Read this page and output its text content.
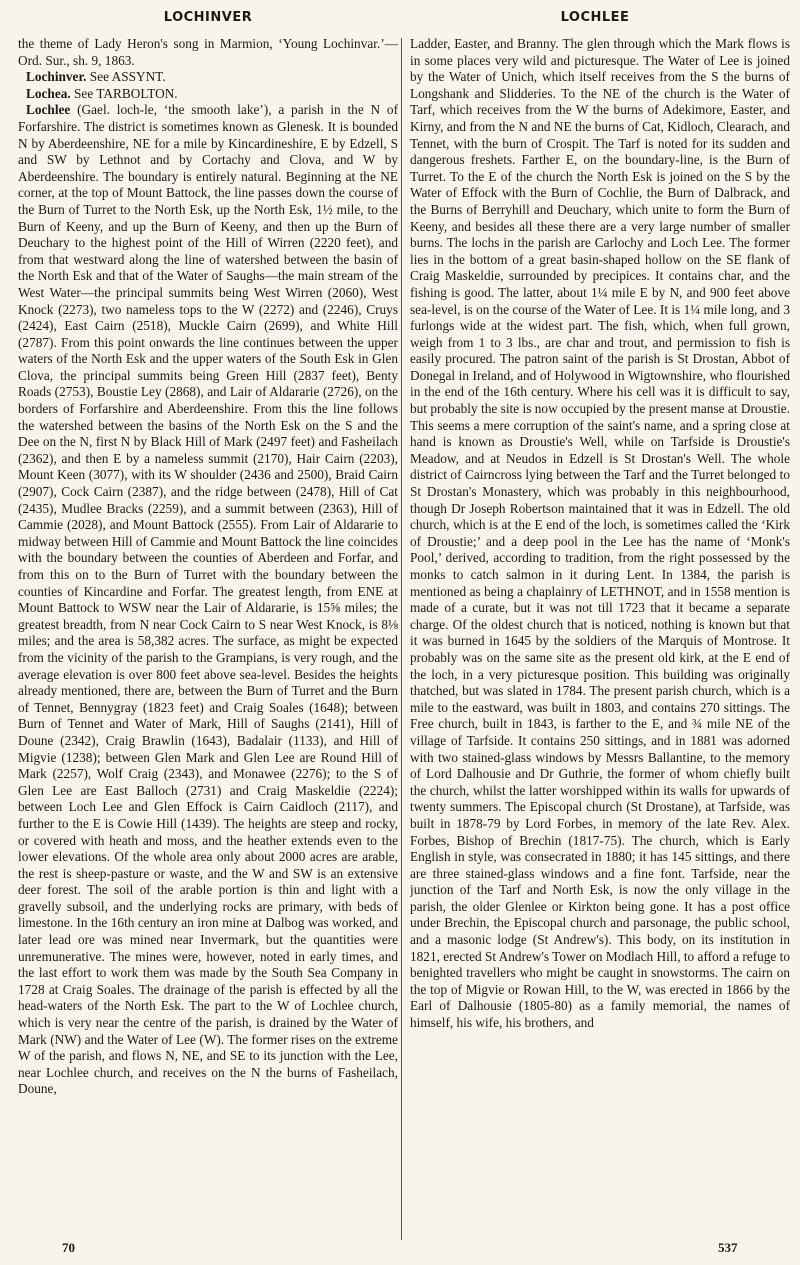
LOCHINVER	LOCHLEE

the theme of Lady Heron's song in Marmion, ‘Young Lochinvar.’—Ord. Sur., sh. 9, 1863.

Lochinver. See ASSYNT.

Lochea. See TARBOLTON.

Lochlee (Gael. loch-le, ‘the smooth lake’), a parish in the N of Forfarshire. The district is sometimes known as Glenesk. It is bounded N by Aberdeenshire, NE for a mile by Kincardineshire, E by Edzell, S and SW by Lethnot and by Cortachy and Clova, and W by Aberdeenshire. The boundary is entirely natural. Beginning at the NE corner, at the top of Mount Battock, the line passes down the course of the Burn of Turret to the North Esk, up the North Esk, 1½ mile, to the Burn of Keeny, and up the Burn of Keeny, and then up the Burn of Deuchary to the highest point of the Hill of Wirren (2220 feet), and from that westward along the line of watershed between the basin of the North Esk and that of the Water of Saughs—the main stream of the West Water—the principal summits being West Wirren (2060), West Knock (2273), two nameless tops to the W (2272) and (2246), Cruys (2424), East Cairn (2518), Muckle Cairn (2699), and White Hill (2787). From this point onwards the line continues between the upper waters of the North Esk and the upper waters of the South Esk in Glen Clova, the principal summits being Green Hill (2837 feet), Benty Roads (2753), Boustie Ley (2868), and Lair of Aldararie (2726), on the borders of Forfarshire and Aberdeenshire. From this the line follows the watershed between the basins of the North Esk on the S and the Dee on the N, first N by Black Hill of Mark (2497 feet) and Fasheilach (2362), and then E by a nameless summit (2170), Hair Cairn (2203), Mount Keen (3077), with its W shoulder (2436 and 2500), Braid Cairn (2907), Cock Cairn (2387), and the ridge between (2478), Hill of Cat (2435), Mudlee Bracks (2259), and a summit between (2363), Hill of Cammie (2028), and Mount Battock (2555). From Lair of Aldararie to midway between Hill of Cammie and Mount Battock the line coincides with the boundary between the counties of Aberdeen and Forfar, and from this on to the Burn of Turret with the boundary between the counties of Kincardine and Forfar. The greatest length, from ENE at Mount Battock to WSW near the Lair of Aldararie, is 15⅝ miles; the greatest breadth, from N near Cock Cairn to S near West Knock, is 8⅛ miles; and the area is 58,382 acres. The surface, as might be expected from the vicinity of the parish to the Grampians, is very rough, and the average elevation is over 800 feet above sea-level. Besides the heights already mentioned, there are, between the Burn of Turret and the Burn of Tennet, Bennygray (1823 feet) and Craig Soales (1648); between Burn of Tennet and Water of Mark, Hill of Saughs (2141), Hill of Doune (2342), Craig Brawlin (1643), Badalair (1133), and Hill of Migvie (1238); between Glen Mark and Glen Lee are Round Hill of Mark (2257), Wolf Craig (2343), and Monawee (2276); to the S of Glen Lee are East Balloch (2731) and Craig Maskeldie (2224); between Loch Lee and Glen Effock is Cairn Caidloch (2117), and further to the E is Cowie Hill (1439). The heights are steep and rocky, or covered with heath and moss, and the heather extends even to the lower elevations. Of the whole area only about 2000 acres are arable, the rest is sheep-pasture or waste, and the W and SW is an extensive deer forest. The soil of the arable portion is thin and light with a gravelly subsoil, and the underlying rocks are primary, with beds of limestone. In the 16th century an iron mine at Dalbog was worked, and later lead ore was mined near Invermark, but the quantities were unremunerative. The mines were, however, noted in early times, and the last effort to work them was made by the South Sea Company in 1728 at Craig Soales. The drainage of the parish is effected by all the head-waters of the North Esk. The part to the W of Lochlee church, which is very near the centre of the parish, is drained by the Water of Mark (NW) and the Water of Lee (W). The former rises on the extreme W of the parish, and flows N, NE, and SE to its junction with the Lee, near Lochlee church, and receives on the N the burns of Fasheilach, Doune,

Ladder, Easter, and Branny. The glen through which the Mark flows is in some places very wild and picturesque. The Water of Lee is joined by the Water of Unich, which itself receives from the S the burns of Longshank and Slidderies. To the NE of the church is the Water of Tarf, which receives from the W the burns of Adekimore, Easter, and Kirny, and from the N and NE the burns of Cat, Kidloch, Clearach, and Tennet, with the burn of Crospit. The Tarf is noted for its sudden and dangerous freshets. Farther E, on the boundary-line, is the Burn of Turret. To the E of the church the North Esk is joined on the S by the Water of Effock with the Burn of Cochlie, the Burn of Dalbrack, and the Burns of Berryhill and Deuchary, which unite to form the Burn of Keeny, and besides all these there are a very large number of smaller burns. The lochs in the parish are Carlochy and Loch Lee. The former lies in the bottom of a great basin-shaped hollow on the SE flank of Craig Maskeldie, surrounded by precipices. It contains char, and the fishing is good. The latter, about 1¼ mile E by N, and 900 feet above sea-level, is on the course of the Water of Lee. It is 1¼ mile long, and 3 furlongs wide at the widest part. The fish, which, when full grown, weigh from 1 to 3 lbs., are char and trout, and permission to fish is easily procured. The patron saint of the parish is St Drostan, Abbot of Donegal in Ireland, and of Holywood in Wigtownshire, who flourished in the end of the 16th century. Where his cell was it is difficult to say, but probably the site is now occupied by the present manse at Droustie. This seems a mere corruption of the saint's name, and a spring close at hand is known as Droustie's Well, while on Tarfside is Droustie's Meadow, and at Neudos in Edzell is St Drostan's Well. The whole district of Cairncross lying between the Tarf and the Turret belonged to St Drostan's Monastery, which was probably in this neighbourhood, though Dr Joseph Robertson maintained that it was in Edzell. The old church, which is at the E end of the loch, is sometimes called the ‘Kirk of Droustie;’ and a deep pool in the Lee has the name of ‘Monk's Pool,’ derived, according to tradition, from the right possessed by the monks to catch salmon in it during Lent. In 1384, the parish is mentioned as being a chaplainry of LETHNOT, and in 1558 mention is made of a curate, but it was not till 1723 that it became a separate charge. Of the oldest church that is noticed, nothing is known but that it was burned in 1645 by the soldiers of the Marquis of Montrose. It probably was on the same site as the present old kirk, at the E end of the loch, in a very picturesque position. This building was originally thatched, but was slated in 1784. The present parish church, which is a mile to the eastward, was built in 1803, and contains 270 sittings. The Free church, built in 1843, is farther to the E, and ¾ mile NE of the village of Tarfside. It contains 250 sittings, and in 1881 was adorned with two stained-glass windows by Messrs Ballantine, to the memory of Lord Dalhousie and Dr Guthrie, the former of whom chiefly built the church, whilst the latter worshipped within its walls for upwards of twenty summers. The Episcopal church (St Drostane), at Tarfside, was built in 1878-79 by Lord Forbes, in memory of the late Rev. Alex. Forbes, Bishop of Brechin (1817-75). The church, which is Early English in style, was consecrated in 1880; it has 145 sittings, and there are three stained-glass windows and a fine font. Tarfside, near the junction of the Tarf and North Esk, is now the only village in the parish, the older Glenlee or Kirkton being gone. It has a post office under Brechin, the Episcopal church and parsonage, the public school, and a masonic lodge (St Andrew's). This body, on its institution in 1821, erected St Andrew's Tower on Modlach Hill, to afford a refuge to benighted travellers who might be caught in snowstorms. The cairn on the top of Migvie or Rowan Hill, to the W, was erected in 1866 by the Earl of Dalhousie (1805-80) as a family memorial, the names of himself, his wife, his brothers, and

70	537
